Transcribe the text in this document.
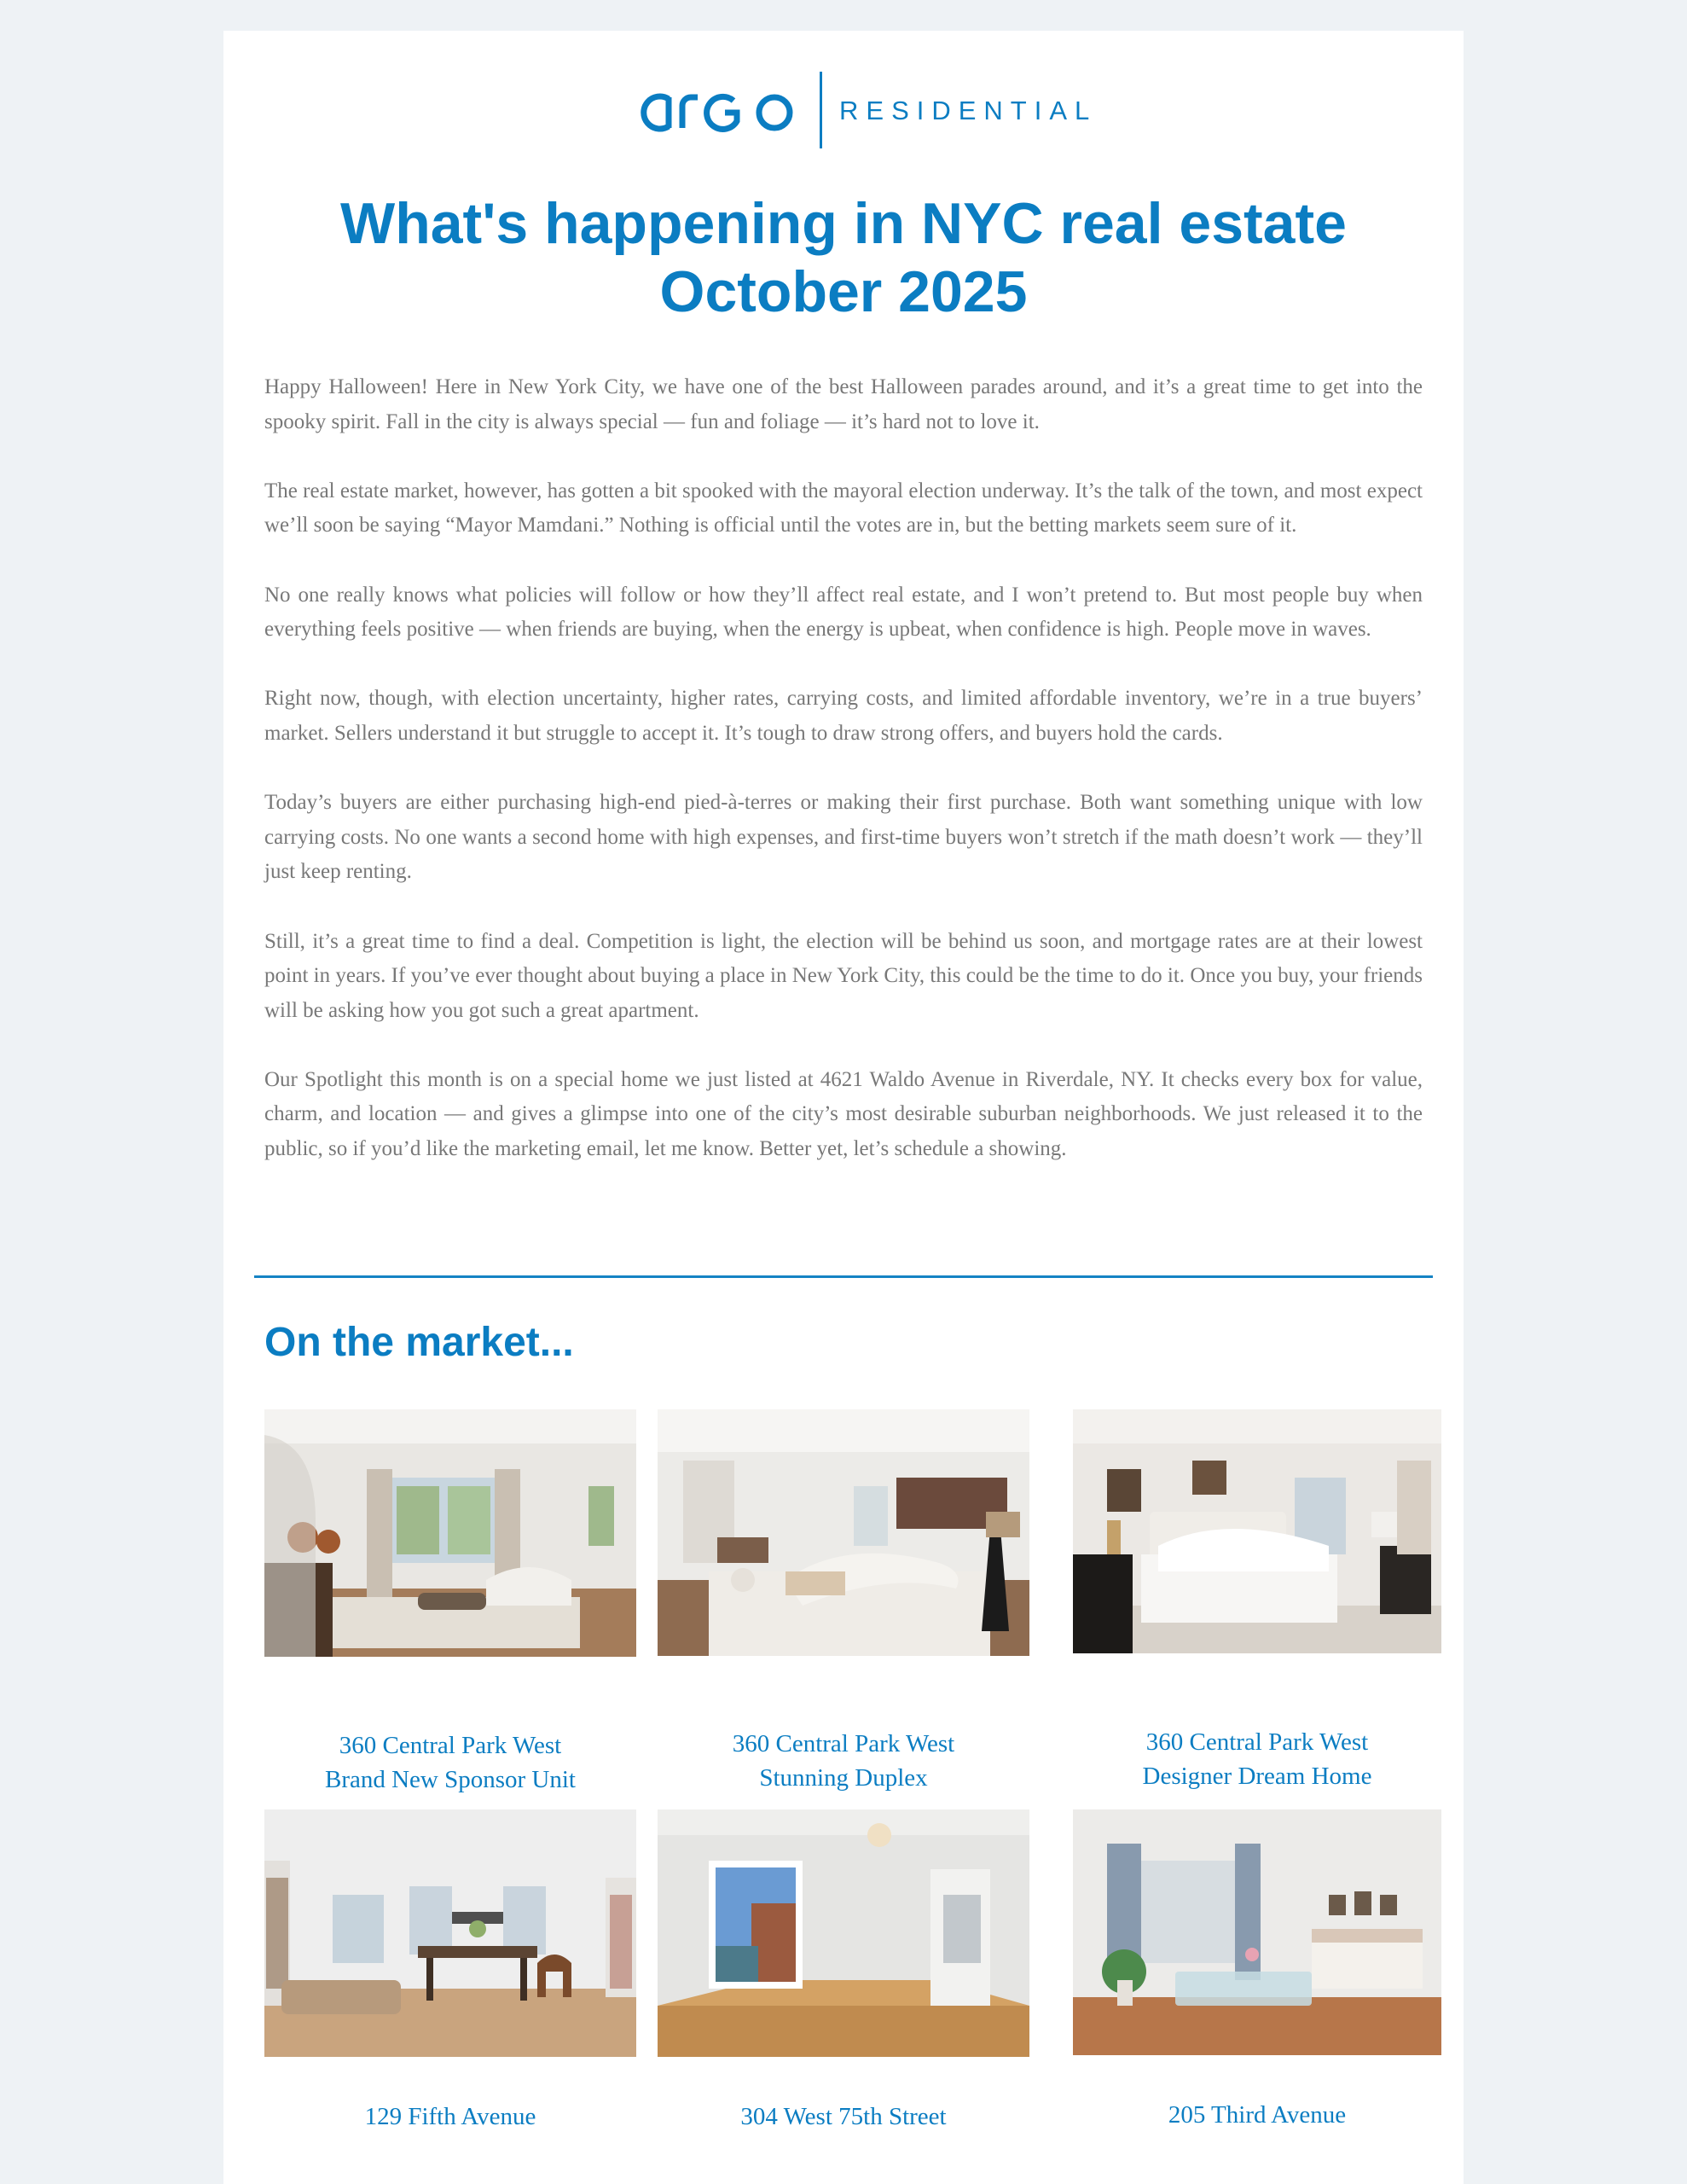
RESIDENTIAL
What's happening in NYC real estate
October 2025

Happy Halloween! Here in New York City, we have one of the best Halloween parades around, and it’s a great time to get into the spooky spirit. Fall in the city is always special — fun and foliage — it’s hard not to love it.

The real estate market, however, has gotten a bit spooked with the mayoral election underway. It’s the talk of the town, and most expect we’ll soon be saying “Mayor Mamdani.” Nothing is official until the votes are in, but the betting markets seem sure of it.

No one really knows what policies will follow or how they’ll affect real estate, and I won’t pretend to. But most people buy when everything feels positive — when friends are buying, when the energy is upbeat, when confidence is high. People move in waves.

Right now, though, with election uncertainty, higher rates, carrying costs, and limited affordable inventory, we’re in a true buyers’ market. Sellers understand it but struggle to accept it. It’s tough to draw strong offers, and buyers hold the cards.

Today’s buyers are either purchasing high-end pied-à-terres or making their first purchase. Both want something unique with low carrying costs. No one wants a second home with high expenses, and first-time buyers won’t stretch if the math doesn’t work — they’ll just keep renting.

Still, it’s a great time to find a deal. Competition is light, the election will be behind us soon, and mortgage rates are at their lowest point in years. If you’ve ever thought about buying a place in New York City, this could be the time to do it. Once you buy, your friends will be asking how you got such a great apartment.

Our Spotlight this month is on a special home we just listed at 4621 Waldo Avenue in Riverdale, NY. It checks every box for value, charm, and location — and gives a glimpse into one of the city’s most desirable suburban neighborhoods. We just released it to the public, so if you’d like the marketing email, let me know. Better yet, let’s schedule a showing.

On the market...
360 Central Park West
Brand New Sponsor Unit
360 Central Park West
Stunning Duplex
360 Central Park West
Designer Dream Home
129 Fifth Avenue	304 West 75th Street	205 Third Avenue
